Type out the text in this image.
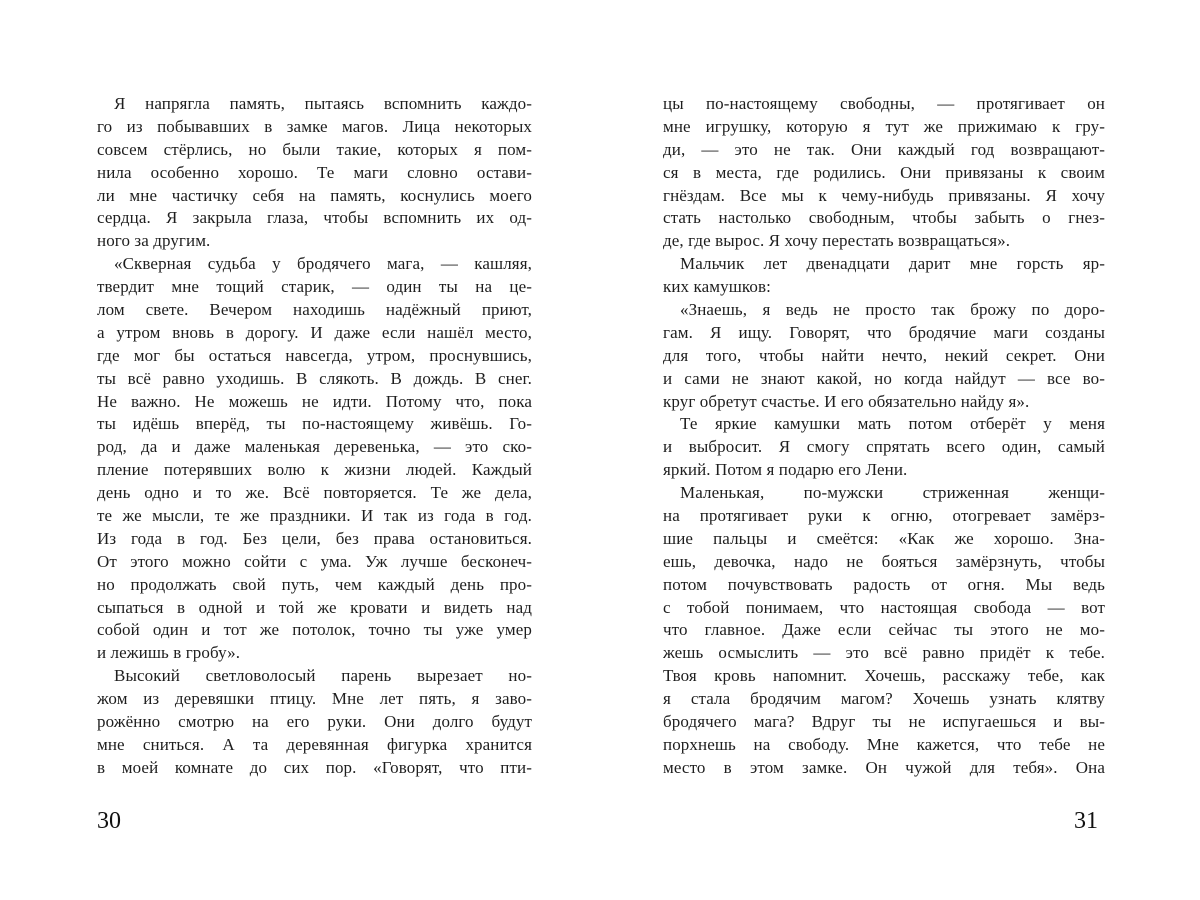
Я напрягла память, пытаясь вспомнить каждо-
го из побывавших в замке магов. Лица некоторых
совсем стёрлись, но были такие, которых я пом-
нила особенно хорошо. Те маги словно остави-
ли мне частичку себя на память, коснулись моего
сердца. Я закрыла глаза, чтобы вспомнить их од-
ного за другим.
«Скверная судьба у бродячего мага, — кашляя,
твердит мне тощий старик, — один ты на це-
лом свете. Вечером находишь надёжный приют,
а утром вновь в дорогу. И даже если нашёл место,
где мог бы остаться навсегда, утром, проснувшись,
ты всё равно уходишь. В слякоть. В дождь. В снег.
Не важно. Не можешь не идти. Потому что, пока
ты идёшь вперёд, ты по-настоящему живёшь. Го-
род, да и даже маленькая деревенька, — это ско-
пление потерявших волю к жизни людей. Каждый
день одно и то же. Всё повторяется. Те же дела,
те же мысли, те же праздники. И так из года в год.
Из года в год. Без цели, без права остановиться.
От этого можно сойти с ума. Уж лучше бесконеч-
но продолжать свой путь, чем каждый день про-
сыпаться в одной и той же кровати и видеть над
собой один и тот же потолок, точно ты уже умер
и лежишь в гробу».
Высокий светловолосый парень вырезает но-
жом из деревяшки птицу. Мне лет пять, я заво-
рожённо смотрю на его руки. Они долго будут
мне сниться. А та деревянная фигурка хранится
в моей комнате до сих пор. «Говорят, что пти-
30
цы по-настоящему свободны, — протягивает он
мне игрушку, которую я тут же прижимаю к гру-
ди, — это не так. Они каждый год возвращают-
ся в места, где родились. Они привязаны к своим
гнёздам. Все мы к чему-нибудь привязаны. Я хочу
стать настолько свободным, чтобы забыть о гнез-
де, где вырос. Я хочу перестать возвращаться».
Мальчик лет двенадцати дарит мне горсть яр-
ких камушков:
«Знаешь, я ведь не просто так брожу по доро-
гам. Я ищу. Говорят, что бродячие маги созданы
для того, чтобы найти нечто, некий секрет. Они
и сами не знают какой, но когда найдут — все во-
круг обретут счастье. И его обязательно найду я».
Те яркие камушки мать потом отберёт у меня
и выбросит. Я смогу спрятать всего один, самый
яркий. Потом я подарю его Лени.
Маленькая, по-мужски стриженная женщи-
на протягивает руки к огню, отогревает замёрз-
шие пальцы и смеётся: «Как же хорошо. Зна-
ешь, девочка, надо не бояться замёрзнуть, чтобы
потом почувствовать радость от огня. Мы ведь
с тобой понимаем, что настоящая свобода — вот
что главное. Даже если сейчас ты этого не мо-
жешь осмыслить — это всё равно придёт к тебе.
Твоя кровь напомнит. Хочешь, расскажу тебе, как
я стала бродячим магом? Хочешь узнать клятву
бродячего мага? Вдруг ты не испугаешься и вы-
порхнешь на свободу. Мне кажется, что тебе не
место в этом замке. Он чужой для тебя». Она
31
